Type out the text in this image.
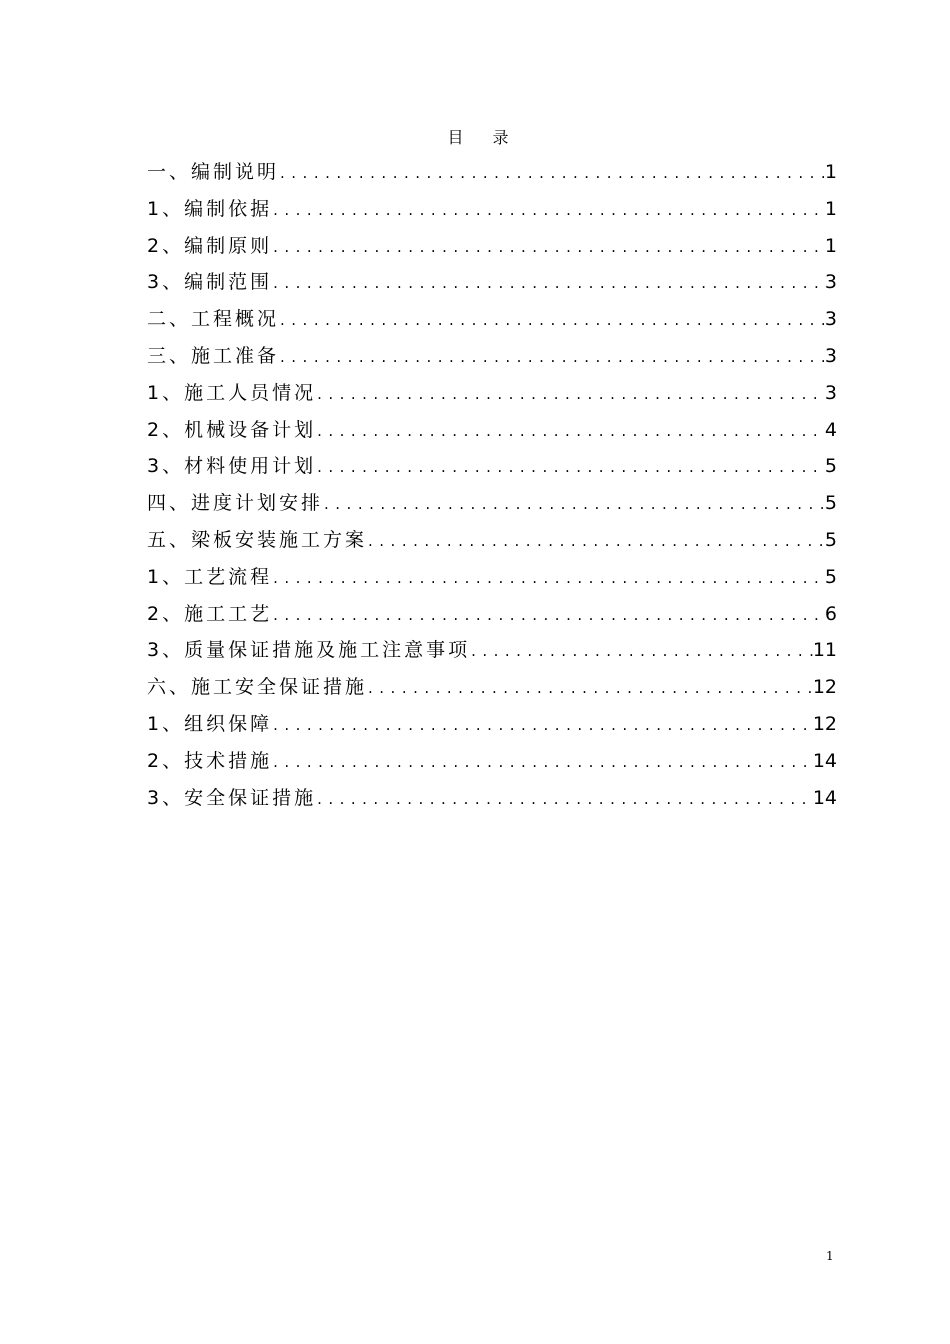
目 录
一、编制说明 .....	1
1、编制依据 .....	1
2、编制原则 .....	1
3、编制范围 .....	3
二、工程概况 .....	3
三、施工准备 .....	3
1、施工人员情况 .....	3
2、机械设备计划 .....	4
3、材料使用计划 .....	5
四、进度计划安排 .....	5
五、梁板安装施工方案 .....	5
1、工艺流程 .....	5
2、施工工艺 .....	6
3、质量保证措施及施工注意事项 .....	11
六、施工安全保证措施 .....	12
1、组织保障 .....	12
2、技术措施 .....	14
3、安全保证措施 .....	14
1
